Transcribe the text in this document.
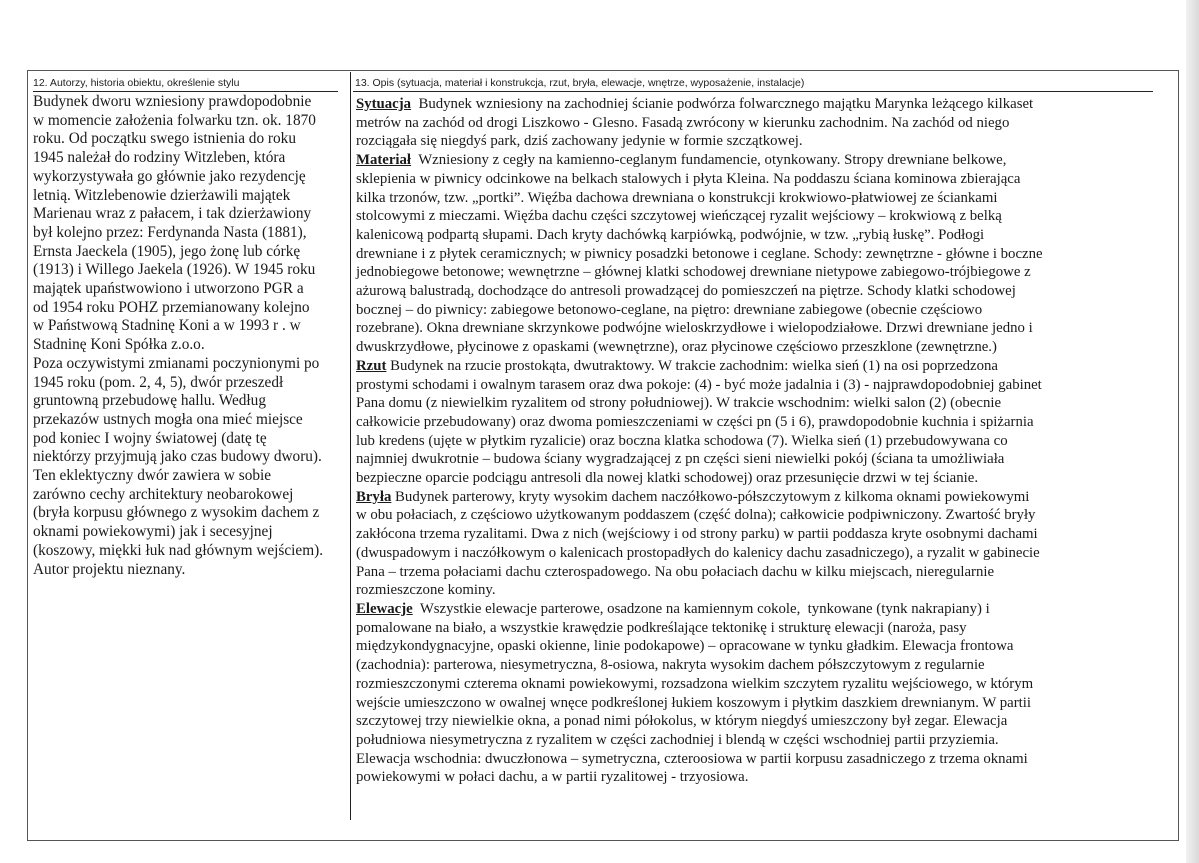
12. Autorzy, historia obiektu, określenie stylu	13. Opis (sytuacja, materiał i konstrukcja, rzut, bryła, elewacje, wnętrze, wyposażenie, instalacje)
Budynek dworu wzniesiony prawdopodobnie
w momencie założenia folwarku tzn. ok. 1870
roku. Od początku swego istnienia do roku
1945 należał do rodziny Witzleben, która
wykorzystywała go głównie jako rezydencję
letnią. Witzlebenowie dzierżawili majątek
Marienau wraz z pałacem, i tak dzierżawiony
był kolejno przez: Ferdynanda Nasta (1881),
Ernsta Jaeckela (1905), jego żonę lub córkę
(1913) i Willego Jaekela (1926). W 1945 roku
majątek upaństwowiono i utworzono PGR a
od 1954 roku POHZ przemianowany kolejno
w Państwową Stadninę Koni a w 1993 r . w
Stadninę Koni Spółka z.o.o.
Poza oczywistymi zmianami poczynionymi po
1945 roku (pom. 2, 4, 5), dwór przeszedł
gruntowną przebudowę hallu. Według
przekazów ustnych mogła ona mieć miejsce
pod koniec I wojny światowej (datę tę
niektórzy przyjmują jako czas budowy dworu).
Ten eklektyczny dwór zawiera w sobie
zarówno cechy architektury neobarokowej
(bryła korpusu głównego z wysokim dachem z
oknami powiekowymi) jak i secesyjnej
(koszowy, miękki łuk nad głównym wejściem).
Autor projektu nieznany.
Sytuacja  Budynek wzniesiony na zachodniej ścianie podwórza folwarcznego majątku Marynka leżącego kilkaset
metrów na zachód od drogi Liszkowo - Glesno. Fasadą zwrócony w kierunku zachodnim. Na zachód od niego
rozciągała się niegdyś park, dziś zachowany jedynie w formie szczątkowej.
Materiał  Wzniesiony z cegły na kamienno-ceglanym fundamencie, otynkowany. Stropy drewniane belkowe,
sklepienia w piwnicy odcinkowe na belkach stalowych i płyta Kleina. Na poddaszu ściana kominowa zbierająca
kilka trzonów, tzw. „portki”. Więźba dachowa drewniana o konstrukcji krokwiowo-płatwiowej ze ściankami
stolcowymi z mieczami. Więźba dachu części szczytowej wieńczącej ryzalit wejściowy – krokwiową z belką
kalenicową podpartą słupami. Dach kryty dachówką karpiówką, podwójnie, w tzw. „rybią łuskę”. Podłogi
drewniane i z płytek ceramicznych; w piwnicy posadzki betonowe i ceglane. Schody: zewnętrzne - główne i boczne
jednobiegowe betonowe; wewnętrzne – głównej klatki schodowej drewniane nietypowe zabiegowo-trójbiegowe z
ażurową balustradą, dochodzące do antresoli prowadzącej do pomieszczeń na piętrze. Schody klatki schodowej
bocznej – do piwnicy: zabiegowe betonowo-ceglane, na piętro: drewniane zabiegowe (obecnie częściowo
rozebrane). Okna drewniane skrzynkowe podwójne wieloskrzydłowe i wielopodziałowe. Drzwi drewniane jedno i
dwuskrzydłowe, płycinowe z opaskami (wewnętrzne), oraz płycinowe częściowo przeszklone (zewnętrzne.)
Rzut Budynek na rzucie prostokąta, dwutraktowy. W trakcie zachodnim: wielka sień (1) na osi poprzedzona
prostymi schodami i owalnym tarasem oraz dwa pokoje: (4) - być może jadalnia i (3) - najprawdopodobniej gabinet
Pana domu (z niewielkim ryzalitem od strony południowej). W trakcie wschodnim: wielki salon (2) (obecnie
całkowicie przebudowany) oraz dwoma pomieszczeniami w części pn (5 i 6), prawdopodobnie kuchnia i spiżarnia
lub kredens (ujęte w płytkim ryzalicie) oraz boczna klatka schodowa (7). Wielka sień (1) przebudowywana co
najmniej dwukrotnie – budowa ściany wygradzającej z pn części sieni niewielki pokój (ściana ta umożliwiała
bezpieczne oparcie podciągu antresoli dla nowej klatki schodowej) oraz przesunięcie drzwi w tej ścianie.
Bryła Budynek parterowy, kryty wysokim dachem naczółkowo-półszczytowym z kilkoma oknami powiekowymi
w obu połaciach, z częściowo użytkowanym poddaszem (część dolna); całkowicie podpiwniczony. Zwartość bryły
zakłócona trzema ryzalitami. Dwa z nich (wejściowy i od strony parku) w partii poddasza kryte osobnymi dachami
(dwuspadowym i naczółkowym o kalenicach prostopadłych do kalenicy dachu zasadniczego), a ryzalit w gabinecie
Pana – trzema połaciami dachu czterospadowego. Na obu połaciach dachu w kilku miejscach, nieregularnie
rozmieszczone kominy.
Elewacje  Wszystkie elewacje parterowe, osadzone na kamiennym cokole,  tynkowane (tynk nakrapiany) i
pomalowane na biało, a wszystkie krawędzie podkreślające tektonikę i strukturę elewacji (naroża, pasy
międzykondygnacyjne, opaski okienne, linie podokapowe) – opracowane w tynku gładkim. Elewacja frontowa
(zachodnia): parterowa, niesymetryczna, 8-osiowa, nakryta wysokim dachem półszczytowym z regularnie
rozmieszczonymi czterema oknami powiekowymi, rozsadzona wielkim szczytem ryzalitu wejściowego, w którym
wejście umieszczono w owalnej wnęce podkreślonej łukiem koszowym i płytkim daszkiem drewnianym. W partii
szczytowej trzy niewielkie okna, a ponad nimi półokolus, w którym niegdyś umieszczony był zegar. Elewacja
południowa niesymetryczna z ryzalitem w części zachodniej i blendą w części wschodniej partii przyziemia.
Elewacja wschodnia: dwuczłonowa – symetryczna, czteroosiowa w partii korpusu zasadniczego z trzema oknami
powiekowymi w połaci dachu, a w partii ryzalitowej - trzyosiowa.
